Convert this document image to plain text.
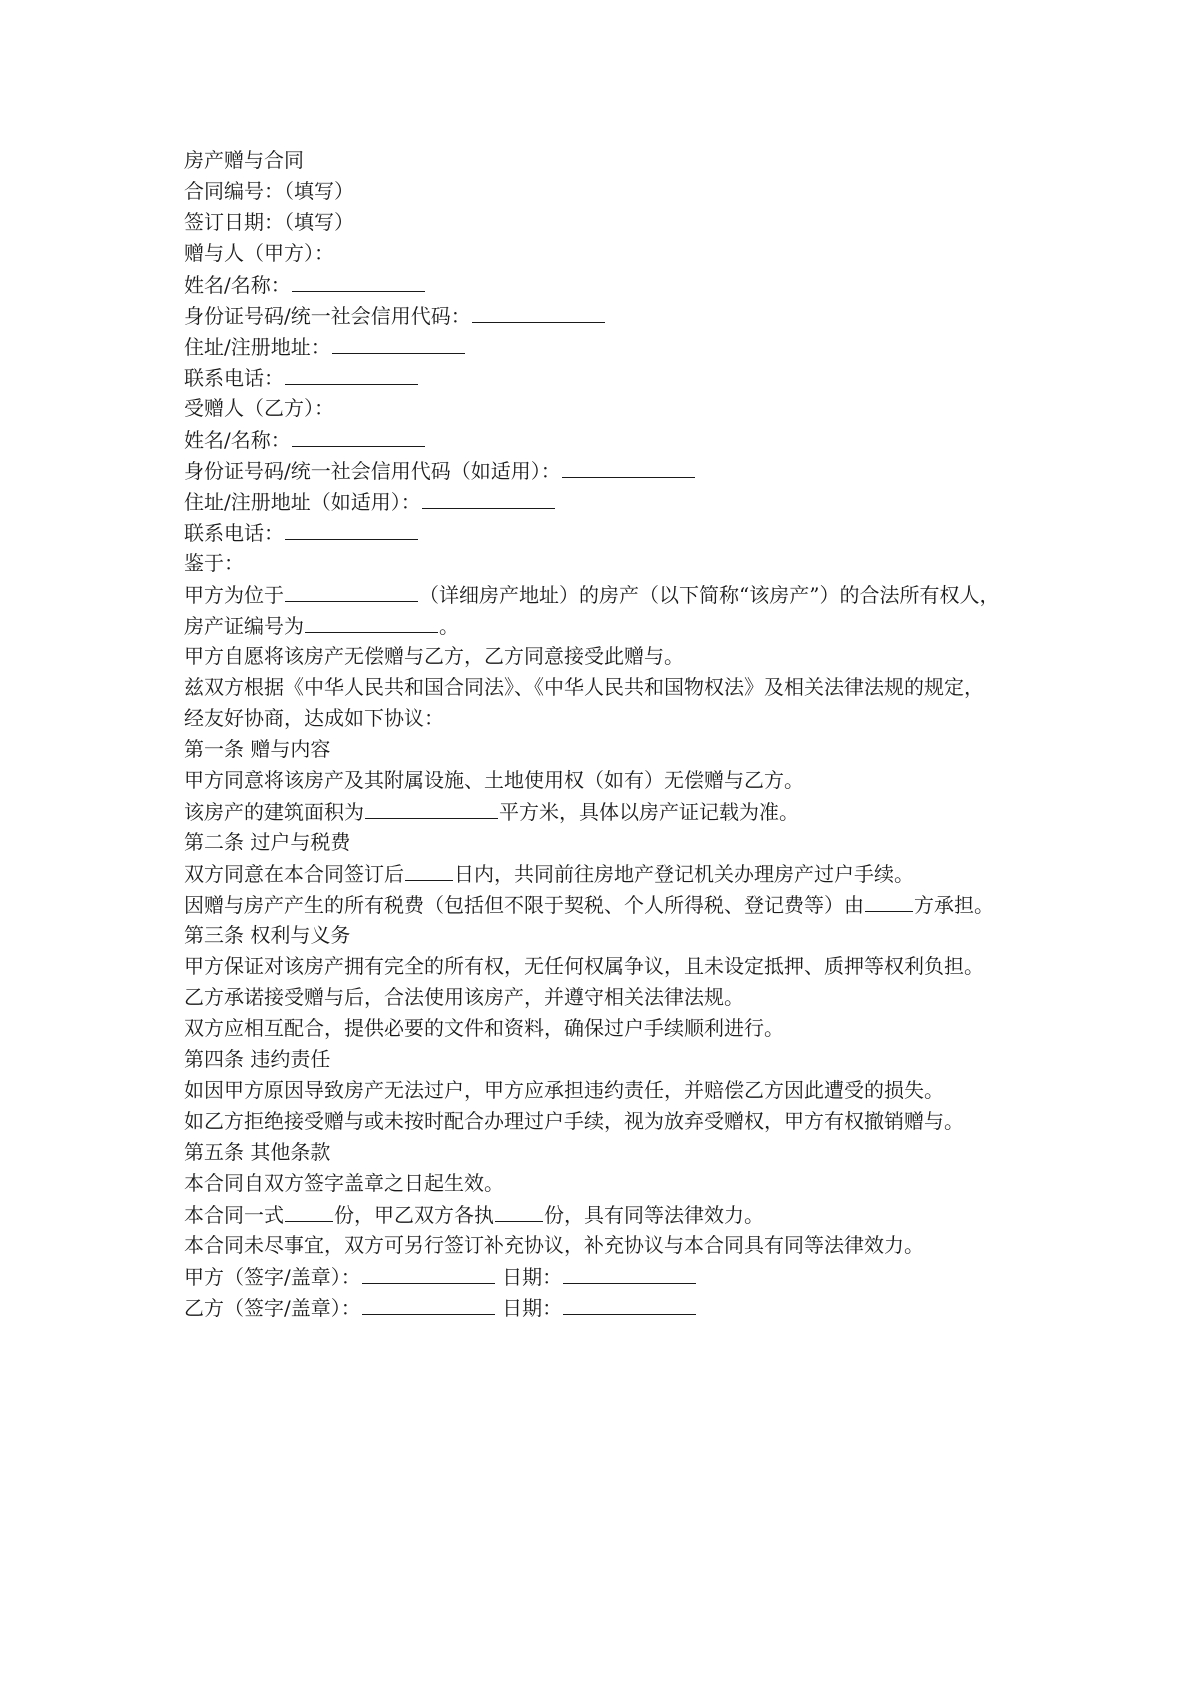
房产赠与合同
合同编号：（填写）
签订日期：（填写）
赠与人（甲方）：
姓名/名称：
身份证号码/统一社会信用代码：
住址/注册地址：
联系电话：
受赠人（乙方）：
姓名/名称：
身份证号码/统一社会信用代码（如适用）：
住址/注册地址（如适用）：
联系电话：
鉴于：
甲方为位于	（详细房产地址）的房产（以下简称“该房产”）的合法所有权人，
房产证编号为	。
甲方自愿将该房产无偿赠与乙方，乙方同意接受此赠与。
兹双方根据《中华人民共和国合同法》、《中华人民共和国物权法》及相关法律法规的规定，
经友好协商，达成如下协议：
第一条 赠与内容
甲方同意将该房产及其附属设施、土地使用权（如有）无偿赠与乙方。
该房产的建筑面积为	平方米，具体以房产证记载为准。
第二条 过户与税费
双方同意在本合同签订后	日内，共同前往房地产登记机关办理房产过户手续。
因赠与房产产生的所有税费（包括但不限于契税、个人所得税、登记费等）由	方承担。
第三条 权利与义务
甲方保证对该房产拥有完全的所有权，无任何权属争议，且未设定抵押、质押等权利负担。
乙方承诺接受赠与后，合法使用该房产，并遵守相关法律法规。
双方应相互配合，提供必要的文件和资料，确保过户手续顺利进行。
第四条 违约责任
如因甲方原因导致房产无法过户，甲方应承担违约责任，并赔偿乙方因此遭受的损失。
如乙方拒绝接受赠与或未按时配合办理过户手续，视为放弃受赠权，甲方有权撤销赠与。
第五条 其他条款
本合同自双方签字盖章之日起生效。
本合同一式	份，甲乙双方各执	份，具有同等法律效力。
本合同未尽事宜，双方可另行签订补充协议，补充协议与本合同具有同等法律效力。
甲方（签字/盖章）：	日期：
乙方（签字/盖章）：	日期：
